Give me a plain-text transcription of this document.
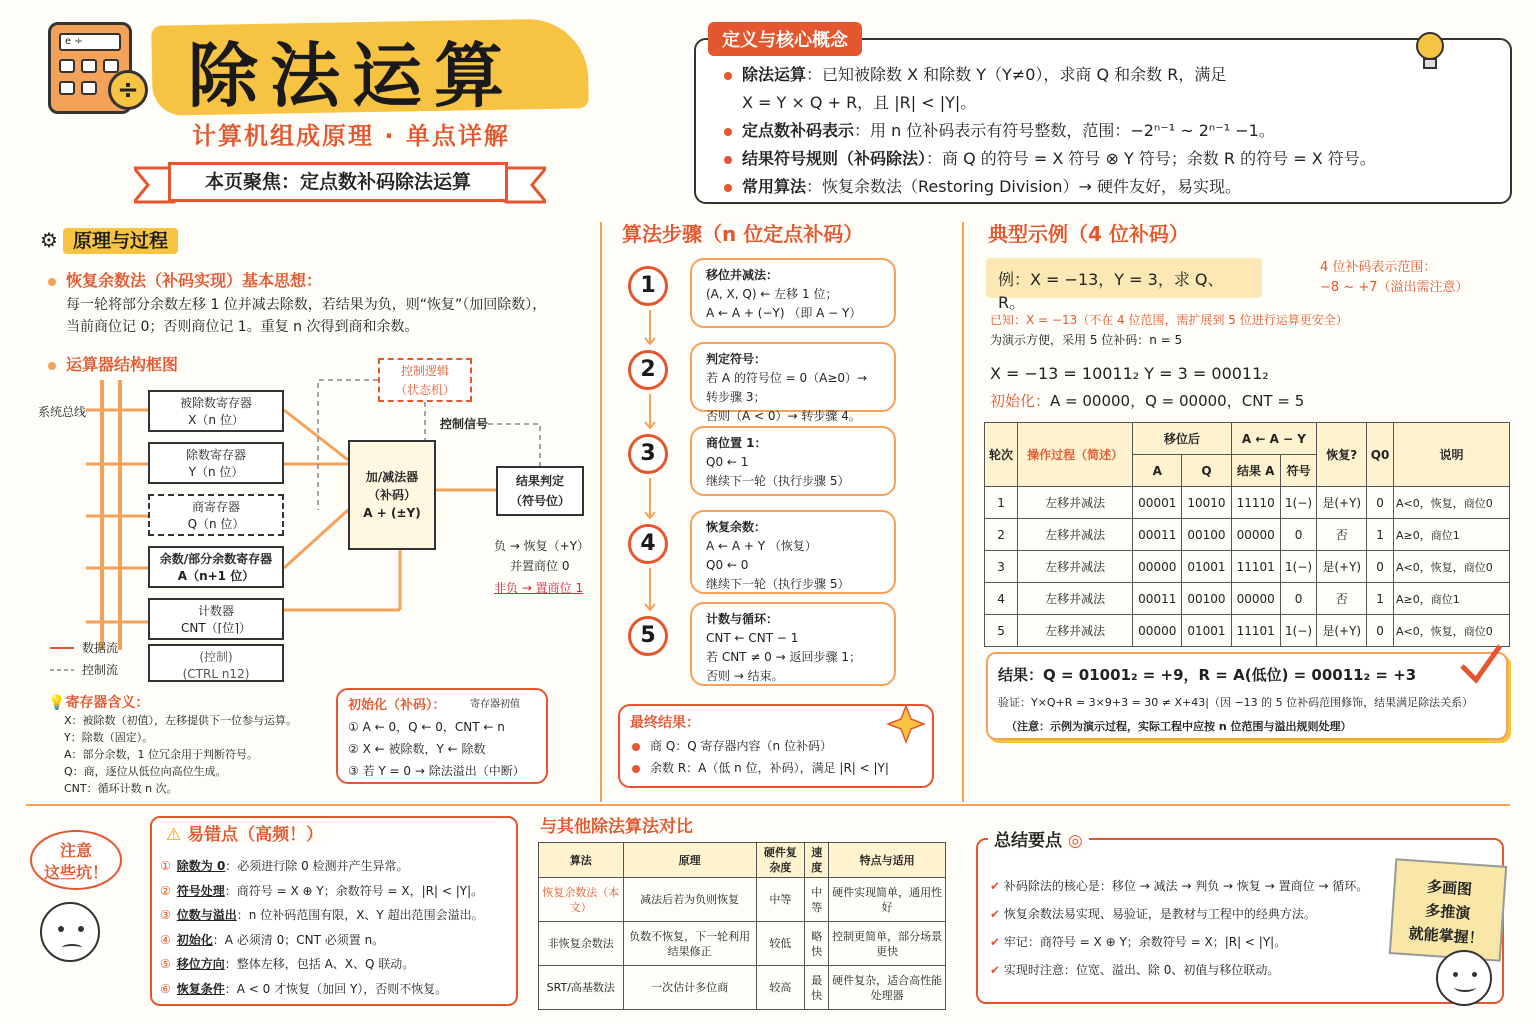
e ÷
÷ 除法运算
计算机组成原理 · 单点详解
本页聚焦：定点数补码除法运算
定义与核心概念
除法运算：已知被除数 X 和除数 Y（Y≠0），求商 Q 和余数 R，满足
X = Y × Q + R，且 |R| < |Y|。
定点数补码表示：用 n 位补码表示有符号整数，范围：−2ⁿ⁻¹ ~ 2ⁿ⁻¹ −1。
结果符号规则（补码除法）：商 Q 的符号 = X 符号 ⊗ Y 符号；余数 R 的符号 = X 符号。
常用算法：恢复余数法（Restoring Division）→ 硬件友好，易实现。
⚙ 原理与过程
恢复余数法（补码实现）基本思想：
每一轮将部分余数左移 1 位并减去除数，若结果为负，则“恢复”（加回除数），
当前商位记 0；否则商位记 1。重复 n 次得到商和余数。
运算器结构框图
系统总线
被除数寄存器
X（n 位）
除数寄存器
Y（n 位）
商寄存器
Q（n 位）
余数/部分余数寄存器
A（n+1 位）
计数器
CNT（⌈位⌉）
(控制)
(CTRL n12)
控制逻辑
（状态机）
控制信号
加/减法器
（补码）
A + (±Y)
结果判定
（符号位）
负 → 恢复（+Y）
并置商位 0
非负 → 置商位 1
数据流
控制流
💡寄存器含义：
X：被除数（初值），左移提供下一位参与运算。
Y：除数（固定）。
A：部分余数，1 位冗余用于判断符号。
Q：商，逐位从低位向高位生成。
CNT：循环计数 n 次。
初始化（补码）： 寄存器初值
① A ← 0，Q ← 0，CNT ← n
② X ← 被除数，Y ← 除数
③ 若 Y = 0 → 除法溢出（中断）
算法步骤（n 位定点补码）
1	移位并减法：
(A, X, Q) ← 左移 1 位；
A ← A + (−Y) （即 A − Y）
2	判定符号：
若 A 的符号位 = 0（A≥0）→ 转步骤 3；
否则（A < 0）→ 转步骤 4。
3	商位置 1：
Q0 ← 1
继续下一轮（执行步骤 5）
4
恢复余数：
A ← A + Y （恢复）
Q0 ← 0
继续下一轮（执行步骤 5）
5
计数与循环：
CNT ← CNT − 1
若 CNT ≠ 0 → 返回步骤 1；
否则 → 结束。
最终结果：
商 Q：Q 寄存器内容（n 位补码）
余数 R：A（低 n 位，补码），满足 |R| < |Y|
典型示例（4 位补码）
例：X = −13，Y = 3，求 Q、R。
4 位补码表示范围：
−8 ~ +7（溢出需注意）
已知：X = −13（不在 4 位范围，需扩展到 5 位进行运算更安全）
为演示方便，采用 5 位补码：n = 5
X = −13 = 10011₂ Y = 3 = 00011₂
初始化：A = 00000，Q = 00000，CNT = 5
轮次	操作过程（简述）	移位后		A ← A − Y		恢复?	Q0	说明
		A	Q	结果 A	符号			
1	左移并减法	00001	10010	11110	1(−)	是(+Y)	0	A<0，恢复，商位0
2	左移并减法	00011	00100	00000	0	否	1	A≥0，商位1
3	左移并减法	00000	01001	11101	1(−)	是(+Y)	0	A<0，恢复，商位0
4	左移并减法	00011	00100	00000	0	否	1	A≥0，商位1
5	左移并减法	00000	01001	11101	1(−)	是(+Y)	0	A<0，恢复，商位0
结果：Q = 01001₂ = +9，R = A(低位) = 00011₂ = +3
验证：Y×Q+R = 3×9+3 = 30 ≠ X+43|（因 −13 的 5 位补码范围修饰，结果满足除法关系）
（注意：示例为演示过程，实际工程中应按 n 位范围与溢出规则处理）
注意
这些坑！
⚠ 易错点（高频！）
① 除数为 0：必须进行除 0 检测并产生异常。
② 符号处理：商符号 = X ⊕ Y；余数符号 = X，|R| < |Y|。
③ 位数与溢出：n 位补码范围有限，X、Y 超出范围会溢出。
④ 初始化：A 必须清 0；CNT 必须置 n。
⑤ 移位方向：整体左移，包括 A、X、Q 联动。
⑥ 恢复条件：A < 0 才恢复（加回 Y），否则不恢复。
与其他除法算法对比
算法	原理	硬件复杂度	速度	特点与适用
恢复余数法（本文）	减法后若为负则恢复	中等	中等	硬件实现简单，通用性好
非恢复余数法	负数不恢复，下一轮利用结果修正	较低	略快	控制更简单，部分场景更快
SRT/高基数法	一次估计多位商	较高	最快	硬件复杂，适合高性能处理器
总结要点 ◎
✔ 补码除法的核心是：移位 → 减法 → 判负 → 恢复 → 置商位 → 循环。
✔ 恢复余数法易实现、易验证，是教材与工程中的经典方法。
✔ 牢记：商符号 = X ⊕ Y；余数符号 = X；|R| < |Y|。
✔ 实现时注意：位宽、溢出、除 0、初值与移位联动。
多画图
多推演
就能掌握！
